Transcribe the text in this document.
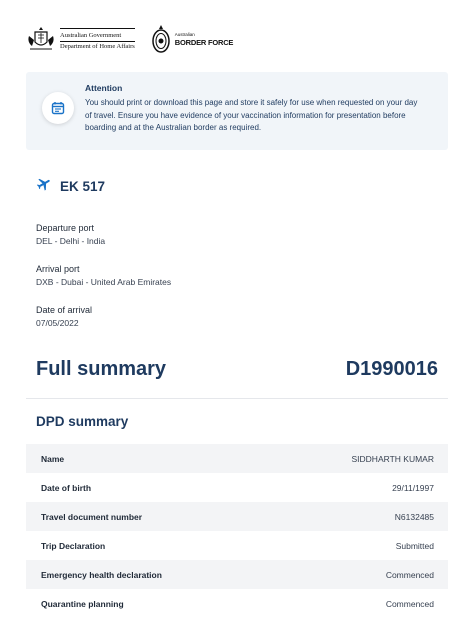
Australian Government
Department of Home Affairs
Australian
BORDER FORCE
Attention
You should print or download this page and store it safely for use when requested on your day of travel. Ensure you have evidence of your vaccination information for presentation before boarding and at the Australian border as required.
EK 517
Departure port
DEL - Delhi - India
Arrival port
DXB - Dubai - United Arab Emirates
Date of arrival
07/05/2022
Full summary	D1990016
DPD summary
Name	SIDDHARTH KUMAR
Date of birth	29/11/1997
Travel document number	N6132485
Trip Declaration	Submitted
Emergency health declaration	Commenced
Quarantine planning	Commenced
